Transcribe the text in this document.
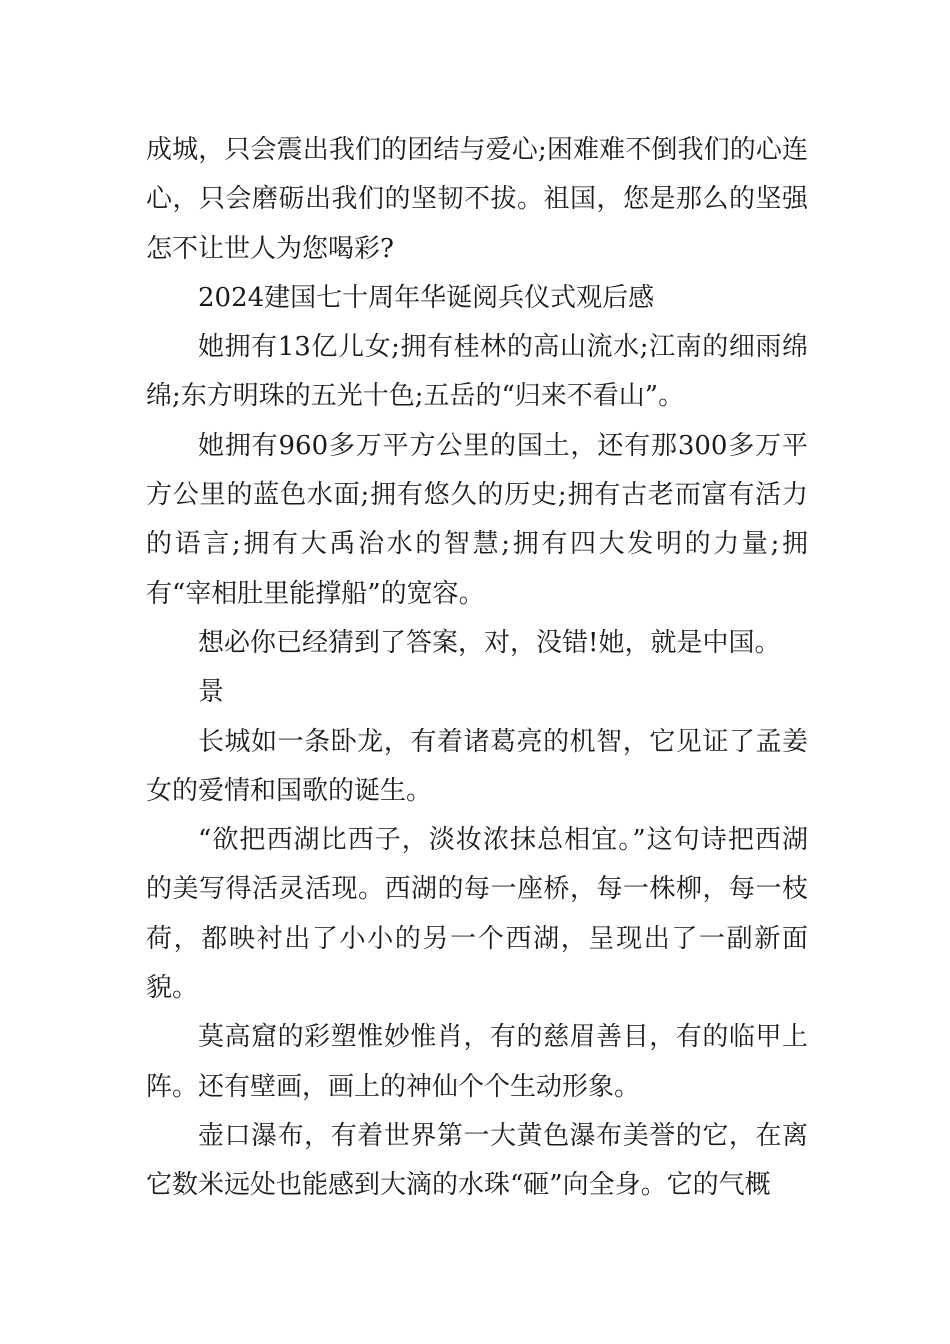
成城，只会震出我们的团结与爱心;困难难不倒我们的心连心，只会磨砺出我们的坚韧不拔。祖国，您是那么的坚强怎不让世人为您喝彩?

2024建国七十周年华诞阅兵仪式观后感

她拥有13亿儿女;拥有桂林的高山流水;江南的细雨绵绵;东方明珠的五光十色;五岳的“归来不看山”。

她拥有960多万平方公里的国土，还有那300多万平方公里的蓝色水面;拥有悠久的历史;拥有古老而富有活力的语言;拥有大禹治水的智慧;拥有四大发明的力量;拥有“宰相肚里能撑船”的宽容。

想必你已经猜到了答案，对，没错!她，就是中国。

景

长城如一条卧龙，有着诸葛亮的机智，它见证了孟姜女的爱情和国歌的诞生。

“欲把西湖比西子，淡妆浓抹总相宜。”这句诗把西湖的美写得活灵活现。西湖的每一座桥，每一株柳，每一枝荷，都映衬出了小小的另一个西湖，呈现出了一副新面貌。

莫高窟的彩塑惟妙惟肖，有的慈眉善目，有的临甲上阵。还有壁画，画上的神仙个个生动形象。

壶口瀑布，有着世界第一大黄色瀑布美誉的它，在离它数米远处也能感到大滴的水珠“砸”向全身。它的气概
